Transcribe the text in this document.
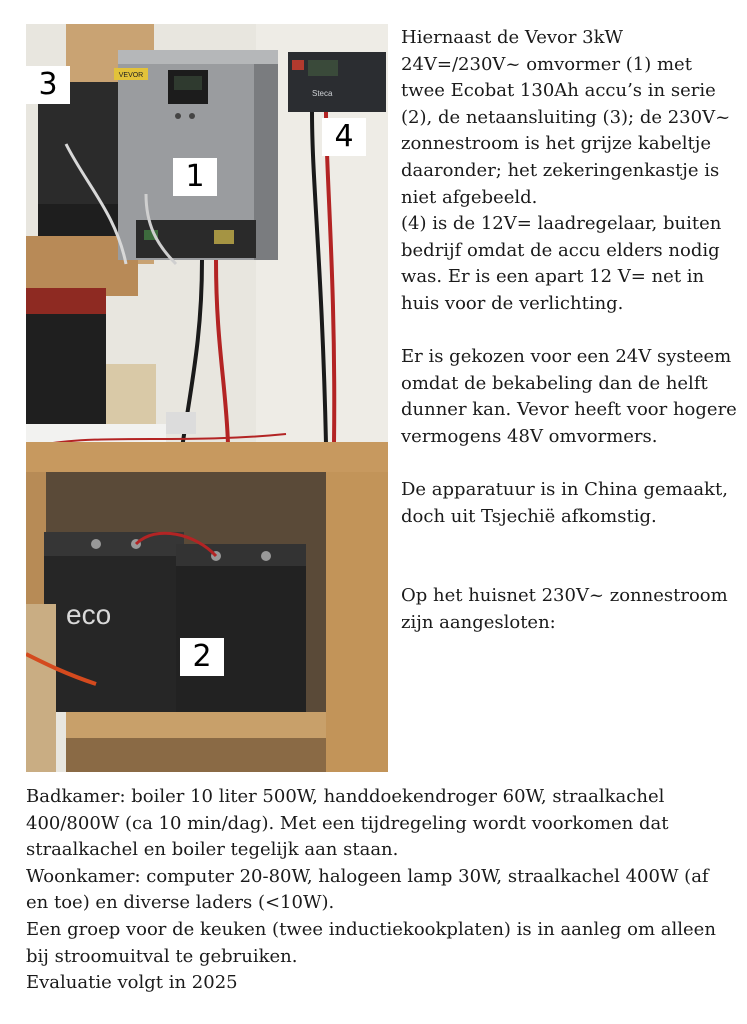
VEVOR
Steca
eco
1
2
3
4

Hiernaast de Vevor 3kW 24V=/230V~ omvormer (1) met twee Ecobat 130Ah accu’s in serie (2), de netaansluiting (3); de 230V~ zonnestroom is het grijze kabeltje daaronder; het zekeringenkastje is niet afgebeeld.

(4) is de 12V= laadregelaar, buiten bedrijf omdat de accu elders nodig was. Er is een apart 12 V= net in huis voor de verlichting.

Er is gekozen voor een 24V systeem omdat de bekabeling dan de helft dunner kan. Vevor heeft voor hogere vermogens 48V omvormers.

De apparatuur is in China gemaakt, doch uit Tsjechië afkomstig.

Op het huisnet 230V~ zonnestroom zijn aangesloten:

Badkamer: boiler 10 liter 500W, handdoekendroger 60W, straalkachel 400/800W (ca 10 min/dag). Met een tijdregeling wordt voorkomen dat straalkachel en boiler tegelijk aan staan.

Woonkamer: computer 20-80W, halogeen lamp 30W, straalkachel 400W (af en toe) en diverse laders (<10W).

Een groep voor de keuken (twee inductiekookplaten) is in aanleg om alleen bij stroomuitval te gebruiken.

Evaluatie volgt in 2025
